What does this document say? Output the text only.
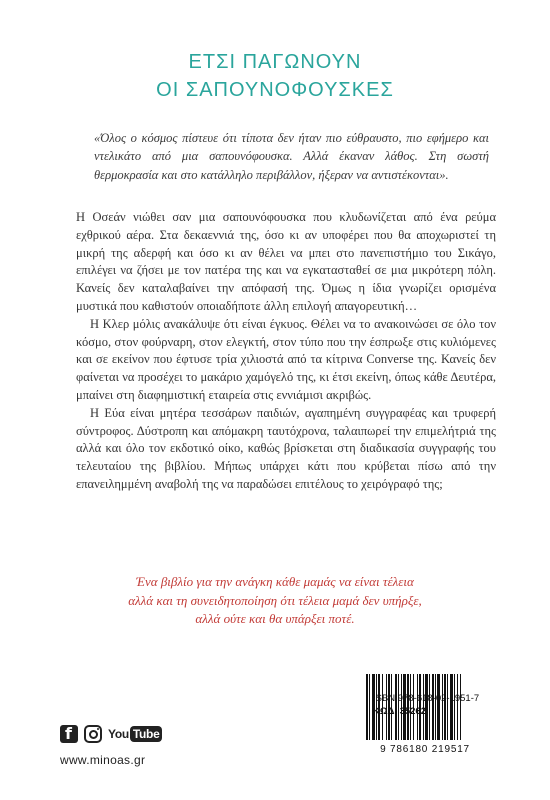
ΕΤΣΙ ΠΑΓΩΝΟΥΝ
ΟΙ ΣΑΠΟΥΝΟΦΟΥΣΚΕΣ
«Όλος ο κόσμος πίστευε ότι τίποτα δεν ήταν πιο εύθραυστο, πιο εφήμερο και ντελικάτο από μια σαπουνόφουσκα. Αλλά έκαναν λάθος. Στη σωστή θερμοκρασία και στο κατάλληλο περιβάλλον, ήξεραν να αντιστέκονται».

Η Οσεάν νιώθει σαν μια σαπουνόφουσκα που κλυδωνίζεται από ένα ρεύμα εχθρικού αέρα. Στα δεκαεννιά της, όσο κι αν υποφέρει που θα αποχωριστεί τη μικρή της αδερφή και όσο κι αν θέλει να μπει στο πανεπιστήμιο του Σικάγο, επιλέγει να ζήσει με τον πατέρα της και να εγκατασταθεί σε μια μικρότερη πόλη. Κανείς δεν καταλαβαίνει την απόφασή της. Όμως η ίδια γνωρίζει ορισμένα μυστικά που καθιστούν οποιαδήποτε άλλη επιλογή απαγορευτική…

Η Κλερ μόλις ανακάλυψε ότι είναι έγκυος. Θέλει να το ανακοινώσει σε όλο τον κόσμο, στον φούρναρη, στον ελεγκτή, στον τύπο που την έσπρωξε στις κυλιόμενες και σε εκείνον που έφτυσε τρία χιλιοστά από τα κίτρινα Converse της. Κανείς δεν φαίνεται να προσέχει το μακάριο χαμόγελό της, κι έτσι εκείνη, όπως κάθε Δευτέρα, μπαίνει στη διαφημιστική εταιρεία στις εννιάμισι ακριβώς.

Η Εύα είναι μητέρα τεσσάρων παιδιών, αγαπημένη συγγραφέας και τρυφερή σύντροφος. Δύστροπη και απόμακρη ταυτόχρονα, ταλαιπωρεί την επιμελήτριά της αλλά και όλο τον εκδοτικό οίκο, καθώς βρίσκεται στη διαδικασία συγγραφής του τελευταίου της βιβλίου. Μήπως υπάρχει κάτι που κρύβεται πίσω από την επανειλημμένη αναβολή της να παραδώσει επιτέλους το χειρόγραφό της;

Ένα βιβλίο για την ανάγκη κάθε μαμάς να είναι τέλεια
αλλά και τη συνειδητοποίηση ότι τέλεια μαμά δεν υπήρξε,
αλλά ούτε και θα υπάρξει ποτέ.
f
You Tube
www.minoas.gr
9 786180 219517
ISBN 978-618-02-1951-7
ΚΩΔ. 35262
